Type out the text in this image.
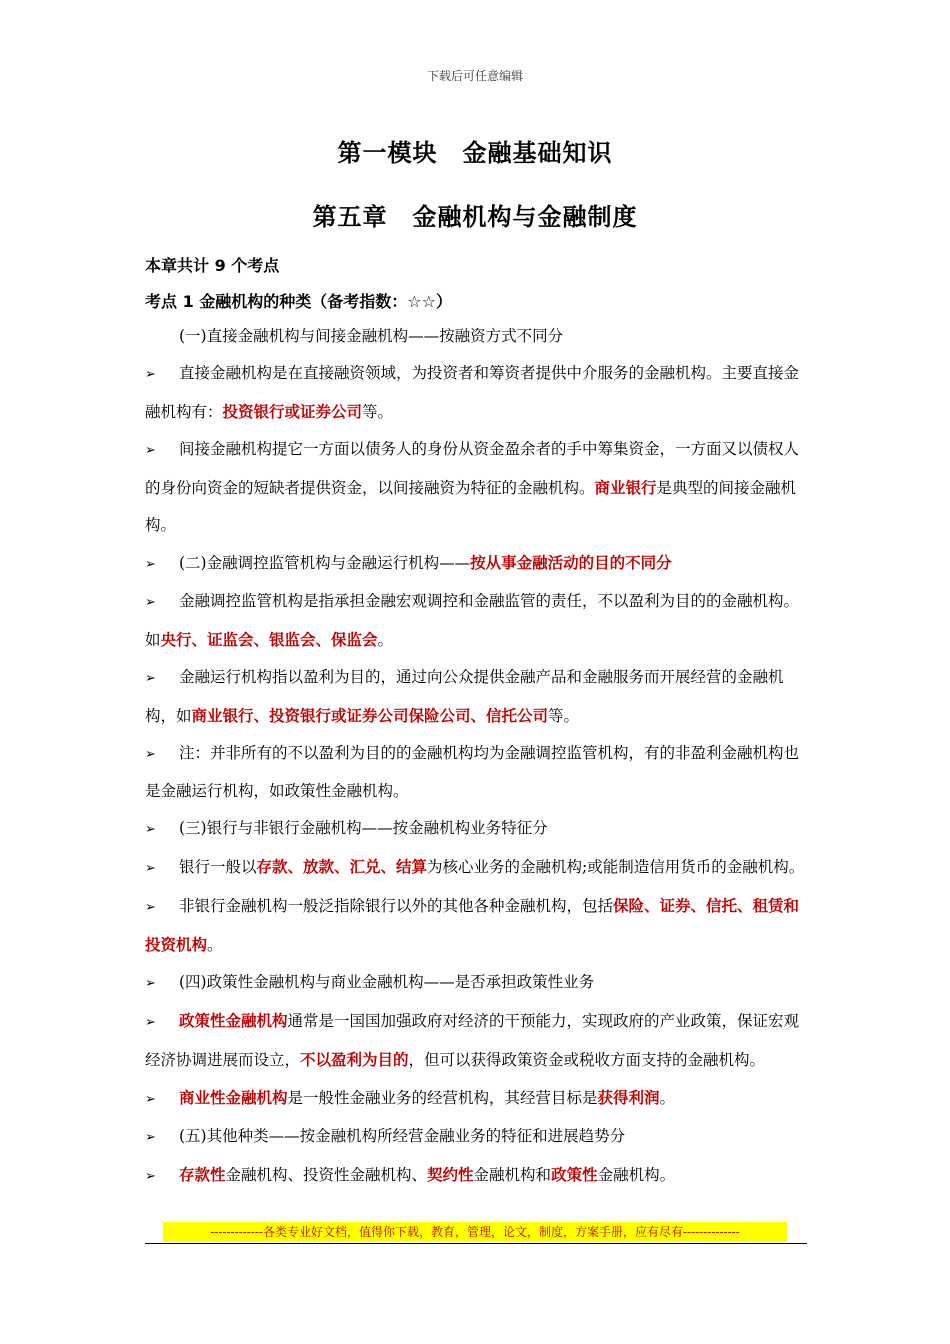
下载后可任意编辑
第一模块　金融基础知识
第五章　金融机构与金融制度
本章共计 9 个考点
考点 1 金融机构的种类（备考指数：☆☆）

(一)直接金融机构与间接金融机构——按融资方式不同分

➢ 直接金融机构是在直接融资领域，为投资者和筹资者提供中介服务的金融机构。主要直接金融机构有：投资银行或证券公司等。

➢ 间接金融机构提它一方面以债务人的身份从资金盈余者的手中筹集资金，一方面又以债权人的身份向资金的短缺者提供资金，以间接融资为特征的金融机构。商业银行是典型的间接金融机构。

➢ (二)金融调控监管机构与金融运行机构——按从事金融活动的目的不同分

➢ 金融调控监管机构是指承担金融宏观调控和金融监管的责任，不以盈利为目的的金融机构。如央行、证监会、银监会、保监会。

➢ 金融运行机构指以盈利为目的，通过向公众提供金融产品和金融服务而开展经营的金融机构，如商业银行、投资银行或证券公司保险公司、信托公司等。

➢ 注：并非所有的不以盈利为目的的金融机构均为金融调控监管机构，有的非盈利金融机构也是金融运行机构，如政策性金融机构。

➢ (三)银行与非银行金融机构——按金融机构业务特征分

➢ 银行一般以存款、放款、汇兑、结算为核心业务的金融机构;或能制造信用货币的金融机构。

➢ 非银行金融机构一般泛指除银行以外的其他各种金融机构，包括保险、证券、信托、租赁和投资机构。

➢ (四)政策性金融机构与商业金融机构——是否承担政策性业务

➢ 政策性金融机构通常是一国国加强政府对经济的干预能力，实现政府的产业政策，保证宏观经济协调进展而设立，不以盈利为目的，但可以获得政策资金或税收方面支持的金融机构。

➢ 商业性金融机构是一般性金融业务的经营机构，其经营目标是获得利润。

➢ (五)其他种类——按金融机构所经营金融业务的特征和进展趋势分

➢ 存款性金融机构、投资性金融机构、契约性金融机构和政策性金融机构。

-------------各类专业好文档，值得你下载，教育，管理，论文，制度，方案手册，应有尽有--------------
